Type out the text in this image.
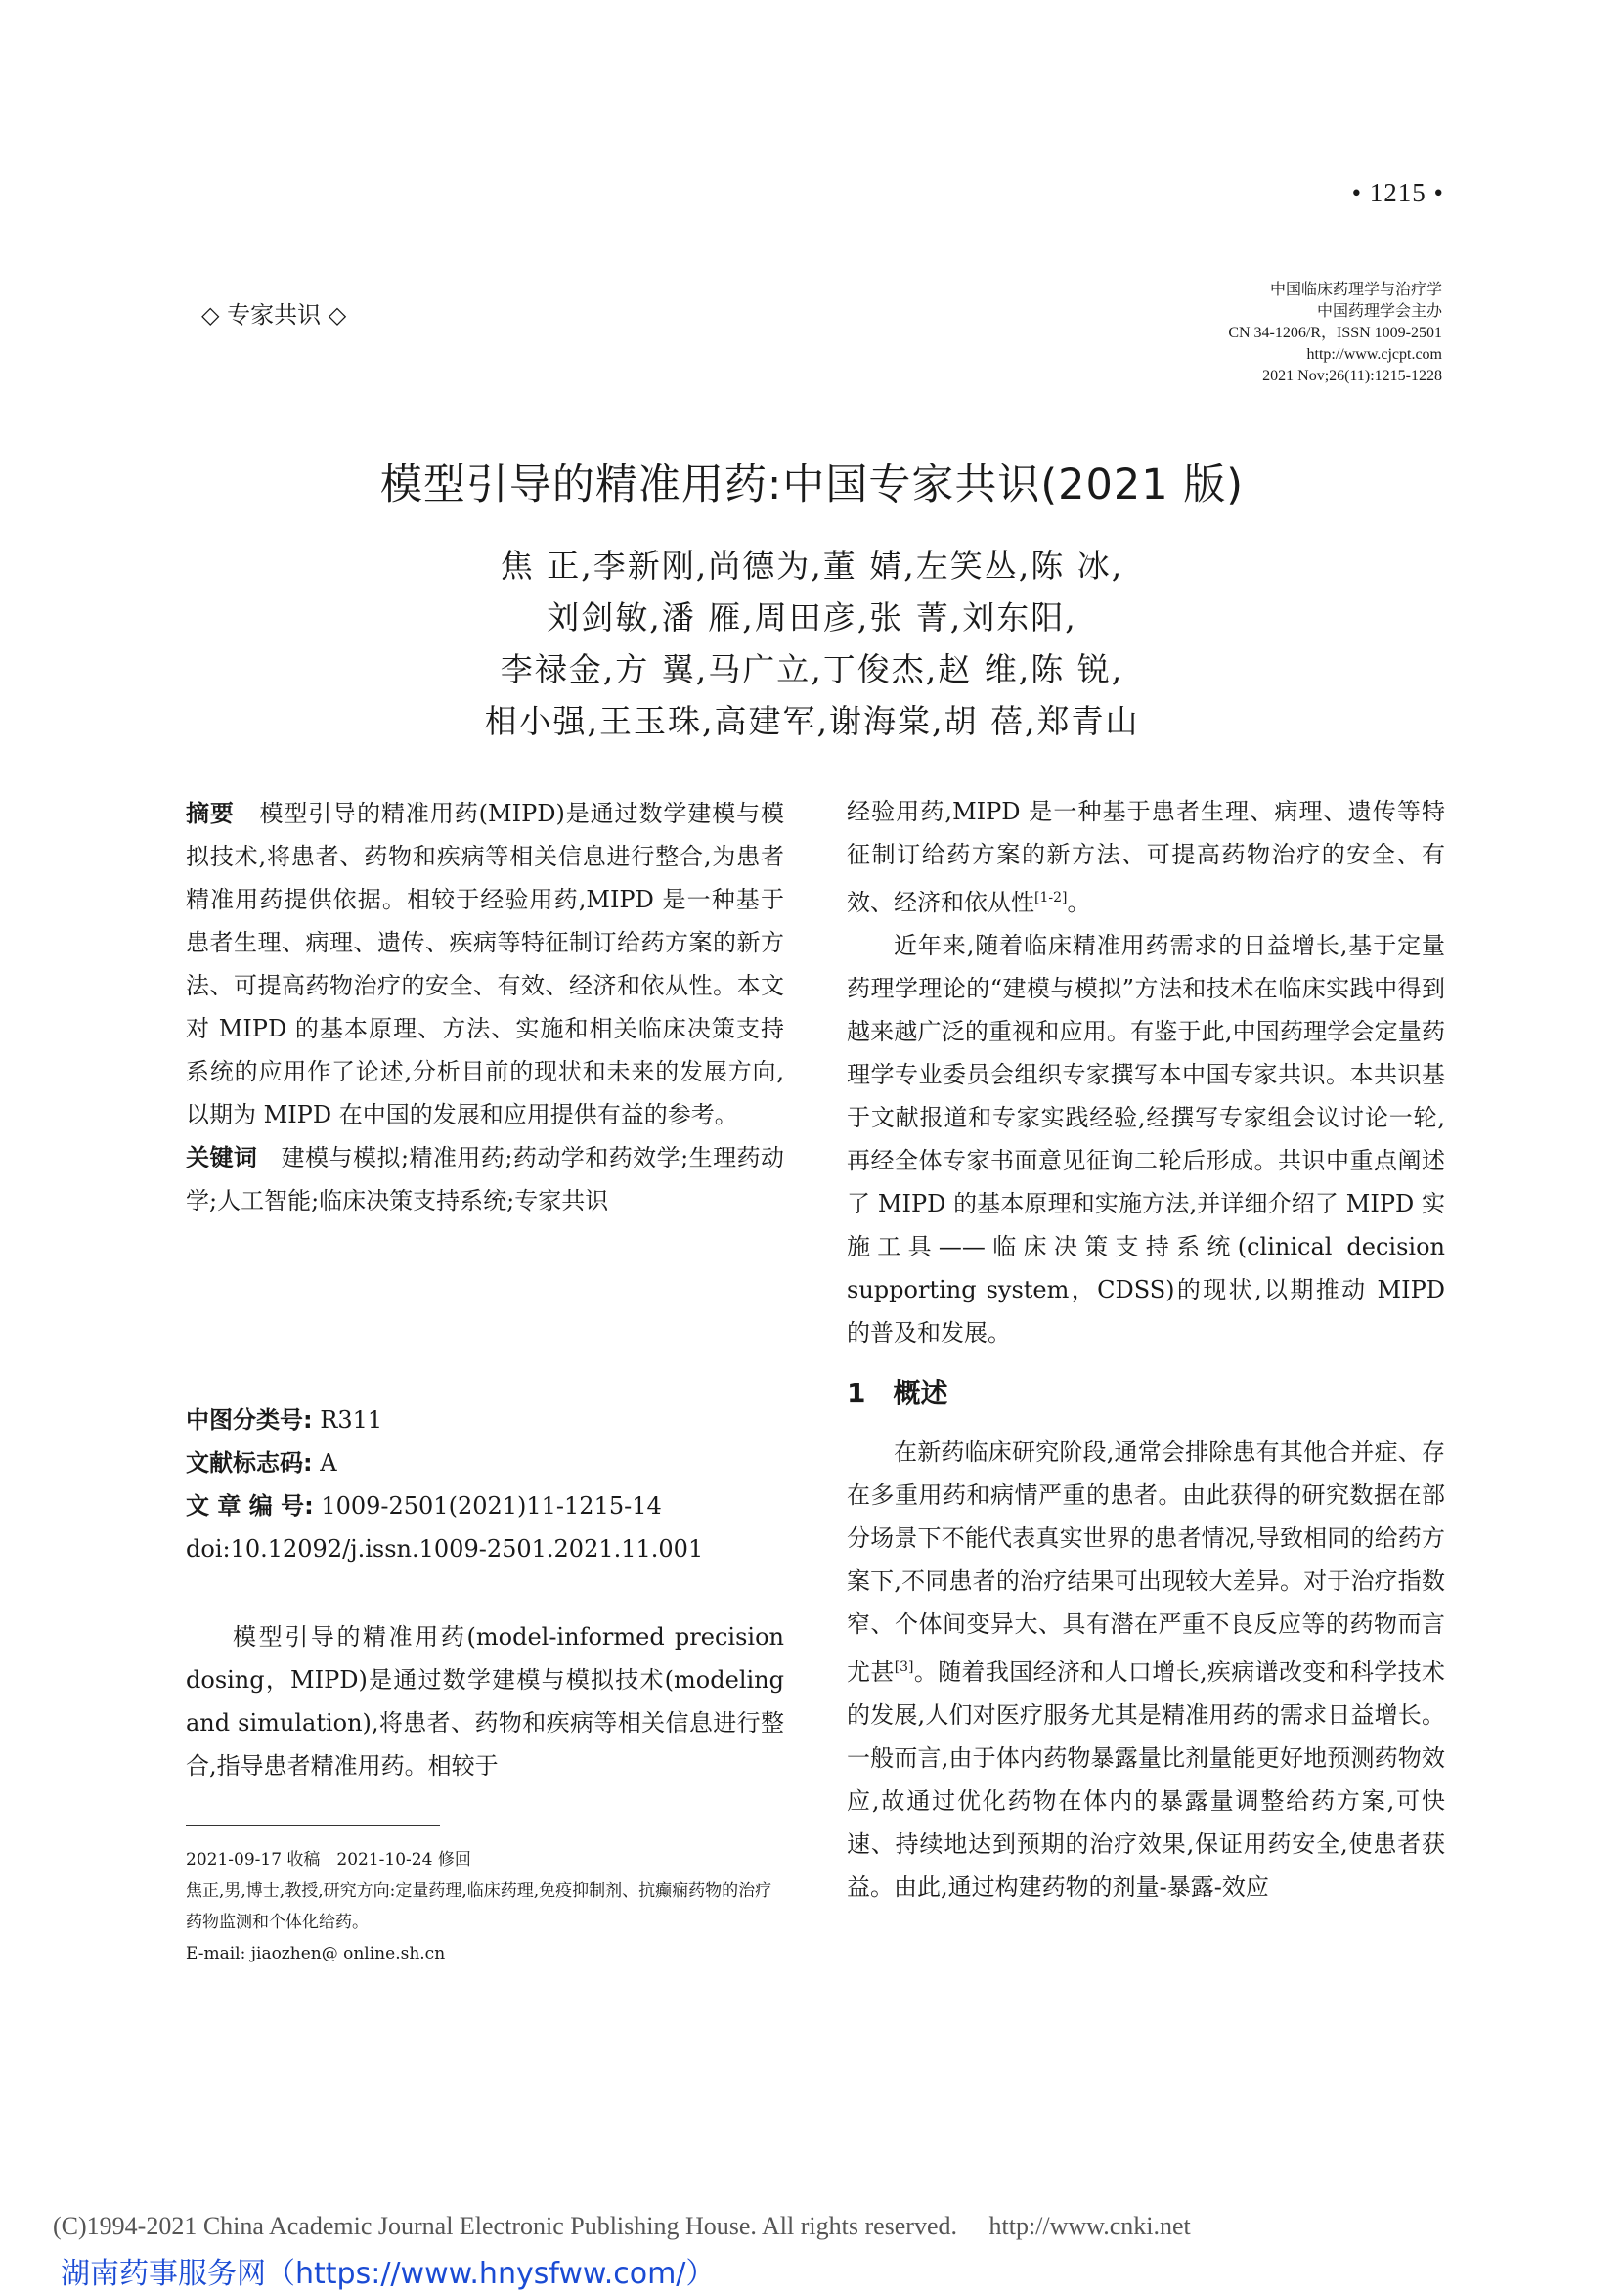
• 1215 •
◇ 专家共识 ◇
中国临床药理学与治疗学
中国药理学会主办
CN 34-1206/R，ISSN 1009-2501
http://www.cjcpt.com
2021 Nov;26(11):1215-1228
模型引导的精准用药:中国专家共识(2021 版)
焦 正,李新刚,尚德为,董 婧,左笑丛,陈 冰,
刘剑敏,潘 雁,周田彦,张 菁,刘东阳,
李禄金,方 翼,马广立,丁俊杰,赵 维,陈 锐,
相小强,王玉珠,高建军,谢海棠,胡 蓓,郑青山
摘要 模型引导的精准用药(MIPD)是通过数学建模与模拟技术,将患者、药物和疾病等相关信息进行整合,为患者精准用药提供依据。相较于经验用药,MIPD 是一种基于患者生理、病理、遗传、疾病等特征制订给药方案的新方法、可提高药物治疗的安全、有效、经济和依从性。本文对 MIPD 的基本原理、方法、实施和相关临床决策支持系统的应用作了论述,分析目前的现状和未来的发展方向,以期为 MIPD 在中国的发展和应用提供有益的参考。
关键词 建模与模拟;精准用药;药动学和药效学;生理药动学;人工智能;临床决策支持系统;专家共识
中图分类号: R311
文献标志码: A
文 章 编 号: 1009-2501(2021)11-1215-14
doi:10.12092/j.issn.1009-2501.2021.11.001

模型引导的精准用药(model-informed precision dosing，MIPD)是通过数学建模与模拟技术(modeling and simulation),将患者、药物和疾病等相关信息进行整合,指导患者精准用药。相较于

2021-09-17 收稿　2021-10-24 修回
焦正,男,博士,教授,研究方向:定量药理,临床药理,免疫抑制剂、抗癫痫药物的治疗药物监测和个体化给药。
E-mail: jiaozhen@ online.sh.cn

经验用药,MIPD 是一种基于患者生理、病理、遗传等特征制订给药方案的新方法、可提高药物治疗的安全、有效、经济和依从性[1-2]。

近年来,随着临床精准用药需求的日益增长,基于定量药理学理论的“建模与模拟”方法和技术在临床实践中得到越来越广泛的重视和应用。有鉴于此,中国药理学会定量药理学专业委员会组织专家撰写本中国专家共识。本共识基于文献报道和专家实践经验,经撰写专家组会议讨论一轮,再经全体专家书面意见征询二轮后形成。共识中重点阐述了 MIPD 的基本原理和实施方法,并详细介绍了 MIPD 实施工具——临床决策支持系统(clinical decision supporting system，CDSS)的现状,以期推动 MIPD 的普及和发展。

1　概述

在新药临床研究阶段,通常会排除患有其他合并症、存在多重用药和病情严重的患者。由此获得的研究数据在部分场景下不能代表真实世界的患者情况,导致相同的给药方案下,不同患者的治疗结果可出现较大差异。对于治疗指数窄、个体间变异大、具有潜在严重不良反应等的药物而言尤甚[3]。随着我国经济和人口增长,疾病谱改变和科学技术的发展,人们对医疗服务尤其是精准用药的需求日益增长。一般而言,由于体内药物暴露量比剂量能更好地预测药物效应,故通过优化药物在体内的暴露量调整给药方案,可快速、持续地达到预期的治疗效果,保证用药安全,使患者获益。由此,通过构建药物的剂量-暴露-效应

(C)1994-2021 China Academic Journal Electronic Publishing House. All rights reserved.　 http://www.cnki.net
湖南药事服务网（https://www.hnysfww.com/）
